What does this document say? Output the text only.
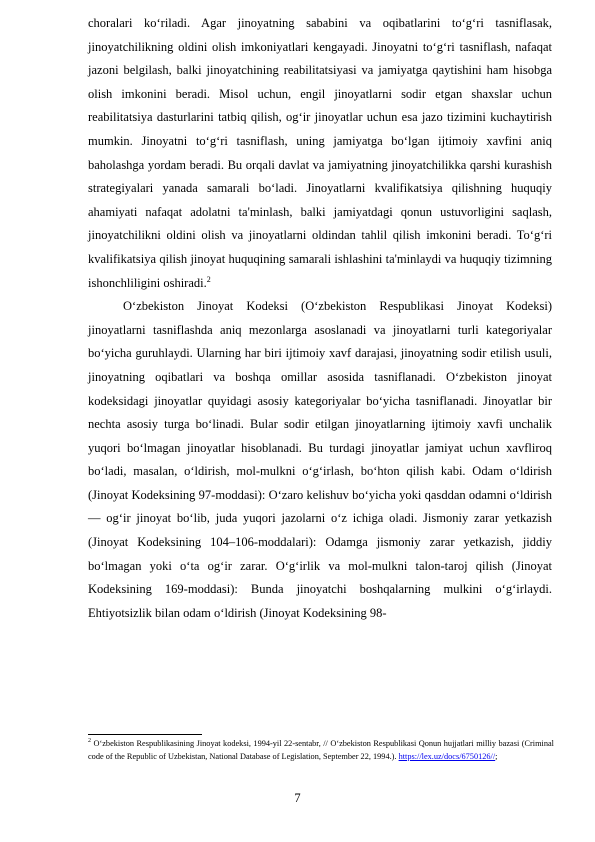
choralari ko‘riladi. Agar jinoyatning sababini va oqibatlarini to‘g‘ri tasniflasak, jinoyatchilikning oldini olish imkoniyatlari kengayadi. Jinoyatni to‘g‘ri tasniflash, nafaqat jazoni belgilash, balki jinoyatchining reabilitatsiyasi va jamiyatga qaytishini ham hisobga olish imkonini beradi. Misol uchun, engil jinoyatlarni sodir etgan shaxslar uchun reabilitatsiya dasturlarini tatbiq qilish, og‘ir jinoyatlar uchun esa jazo tizimini kuchaytirish mumkin. Jinoyatni to‘g‘ri tasniflash, uning jamiyatga bo‘lgan ijtimoiy xavfini aniq baholashga yordam beradi. Bu orqali davlat va jamiyatning jinoyatchilikka qarshi kurashish strategiyalari yanada samarali bo‘ladi. Jinoyatlarni kvalifikatsiya qilishning huquqiy ahamiyati nafaqat adolatni ta'minlash, balki jamiyatdagi qonun ustuvorligini saqlash, jinoyatchilikni oldini olish va jinoyatlarni oldindan tahlil qilish imkonini beradi. To‘g‘ri kvalifikatsiya qilish jinoyat huquqining samarali ishlashini ta'minlaydi va huquqiy tizimning ishonchliligini oshiradi.$^2$

O‘zbekiston Jinoyat Kodeksi (O‘zbekiston Respublikasi Jinoyat Kodeksi) jinoyatlarni tasniflashda aniq mezonlarga asoslanadi va jinoyatlarni turli kategoriyalar bo‘yicha guruhlaydi. Ularning har biri ijtimoiy xavf darajasi, jinoyatning sodir etilish usuli, jinoyatning oqibatlari va boshqa omillar asosida tasniflanadi. O‘zbekiston jinoyat kodeksidagi jinoyatlar quyidagi asosiy kategoriyalar bo‘yicha tasniflanadi. Jinoyatlar bir nechta asosiy turga bo‘linadi. Bular sodir etilgan jinoyatlarning ijtimoiy xavfi unchalik yuqori bo‘lmagan jinoyatlar hisoblanadi. Bu turdagi jinoyatlar jamiyat uchun xavfliroq bo‘ladi, masalan, o‘ldirish, mol-mulkni o‘g‘irlash, bo‘hton qilish kabi. Odam o‘ldirish (Jinoyat Kodeksining 97-moddasi): O‘zaro kelishuv bo‘yicha yoki qasddan odamni o‘ldirish — og‘ir jinoyat bo‘lib, juda yuqori jazolarni o‘z ichiga oladi. Jismoniy zarar yetkazish (Jinoyat Kodeksining 104–106-moddalari): Odamga jismoniy zarar yetkazish, jiddiy bo‘lmagan yoki o‘ta og‘ir zarar. O‘g‘irlik va mol-mulkni talon-taroj qilish (Jinoyat Kodeksining 169-moddasi): Bunda jinoyatchi boshqalarning mulkini o‘g‘irlaydi. Ehtiyotsizlik bilan odam o‘ldirish (Jinoyat Kodeksining 98-

$^2$ O‘zbekiston Respublikasining Jinoyat kodeksi, 1994-yil 22-sentabr, // O‘zbekiston Respublikasi Qonun hujjatlari milliy bazasi (Criminal code of the Republic of Uzbekistan, National Database of Legislation, September 22, 1994.). https://lex.uz/docs/6750126//;
7
